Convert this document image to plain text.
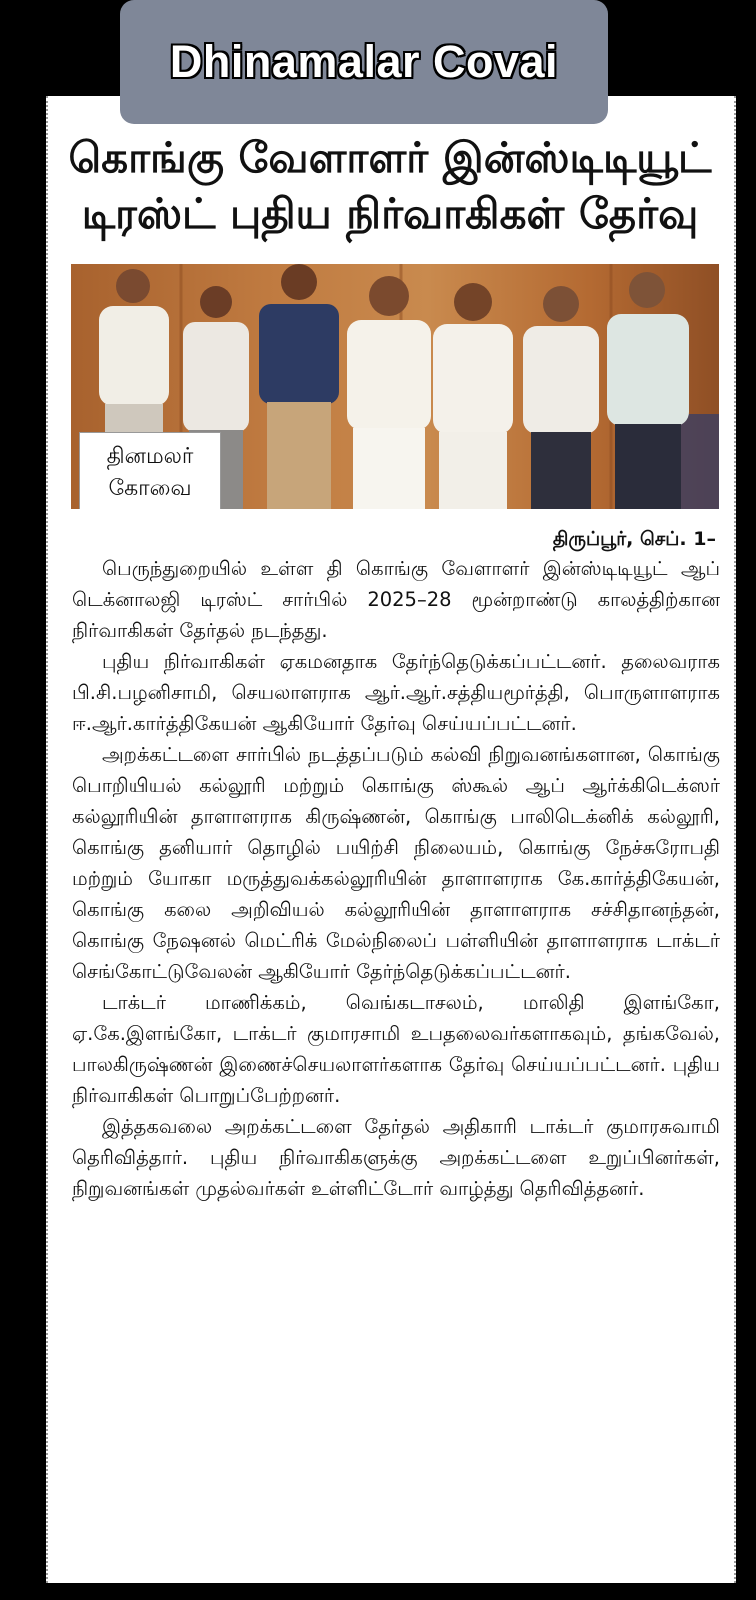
Dhinamalar Covai
கொங்கு வேளாளர் இன்ஸ்டிடியூட்
டிரஸ்ட் புதிய நிர்வாகிகள் தேர்வு
தினமலர்
கோவை
திருப்பூர், செப். 1–

பெருந்துறையில் உள்ள தி கொங்கு வேளாளர் இன்ஸ்டிடியூட் ஆப் டெக்னாலஜி டிரஸ்ட் சார்பில் 2025–28 மூன்றாண்டு காலத்திற்கான நிர்வாகிகள் தேர்தல் நடந்தது.

புதிய நிர்வாகிகள் ஏகமனதாக தேர்ந்தெடுக்கப்பட்டனர். தலைவராக பி.சி.பழனிசாமி, செயலாளராக ஆர்.ஆர்.சத்தியமூர்த்தி, பொருளாளராக ஈ.ஆர்.கார்த்திகேயன் ஆகியோர் தேர்வு செய்யப்பட்டனர்.

அறக்கட்டளை சார்பில் நடத்தப்படும் கல்வி நிறுவனங்களான, கொங்கு பொறியியல் கல்லூரி மற்றும் கொங்கு ஸ்கூல் ஆப் ஆர்க்கிடெக்ஸர் கல்லூரியின் தாளாளராக கிருஷ்ணன், கொங்கு பாலிடெக்னிக் கல்லூரி, கொங்கு தனியார் தொழில் பயிற்சி நிலையம், கொங்கு நேச்சுரோபதி மற்றும் யோகா மருத்துவக்கல்லூரியின் தாளாளராக கே.கார்த்திகேயன், கொங்கு கலை அறிவியல் கல்லூரியின் தாளாளராக சச்சிதானந்தன், கொங்கு நேஷனல் மெட்ரிக் மேல்நிலைப் பள்ளியின் தாளாளராக டாக்டர் செங்கோட்டுவேலன் ஆகியோர் தேர்ந்தெடுக்கப்பட்டனர்.

டாக்டர் மாணிக்கம், வெங்கடாசலம், மாலிதி இளங்கோ, ஏ.கே.இளங்கோ, டாக்டர் குமாரசாமி உபதலைவர்களாகவும், தங்கவேல், பாலகிருஷ்ணன் இணைச்செயலாளர்களாக தேர்வு செய்யப்பட்டனர். புதிய நிர்வாகிகள் பொறுப்பேற்றனர்.

இத்தகவலை அறக்கட்டளை தேர்தல் அதிகாரி டாக்டர் குமாரசுவாமி தெரிவித்தார். புதிய நிர்வாகிகளுக்கு அறக்கட்டளை உறுப்பினர்கள், நிறுவனங்கள் முதல்வர்கள் உள்ளிட்டோர் வாழ்த்து தெரிவித்தனர்.
